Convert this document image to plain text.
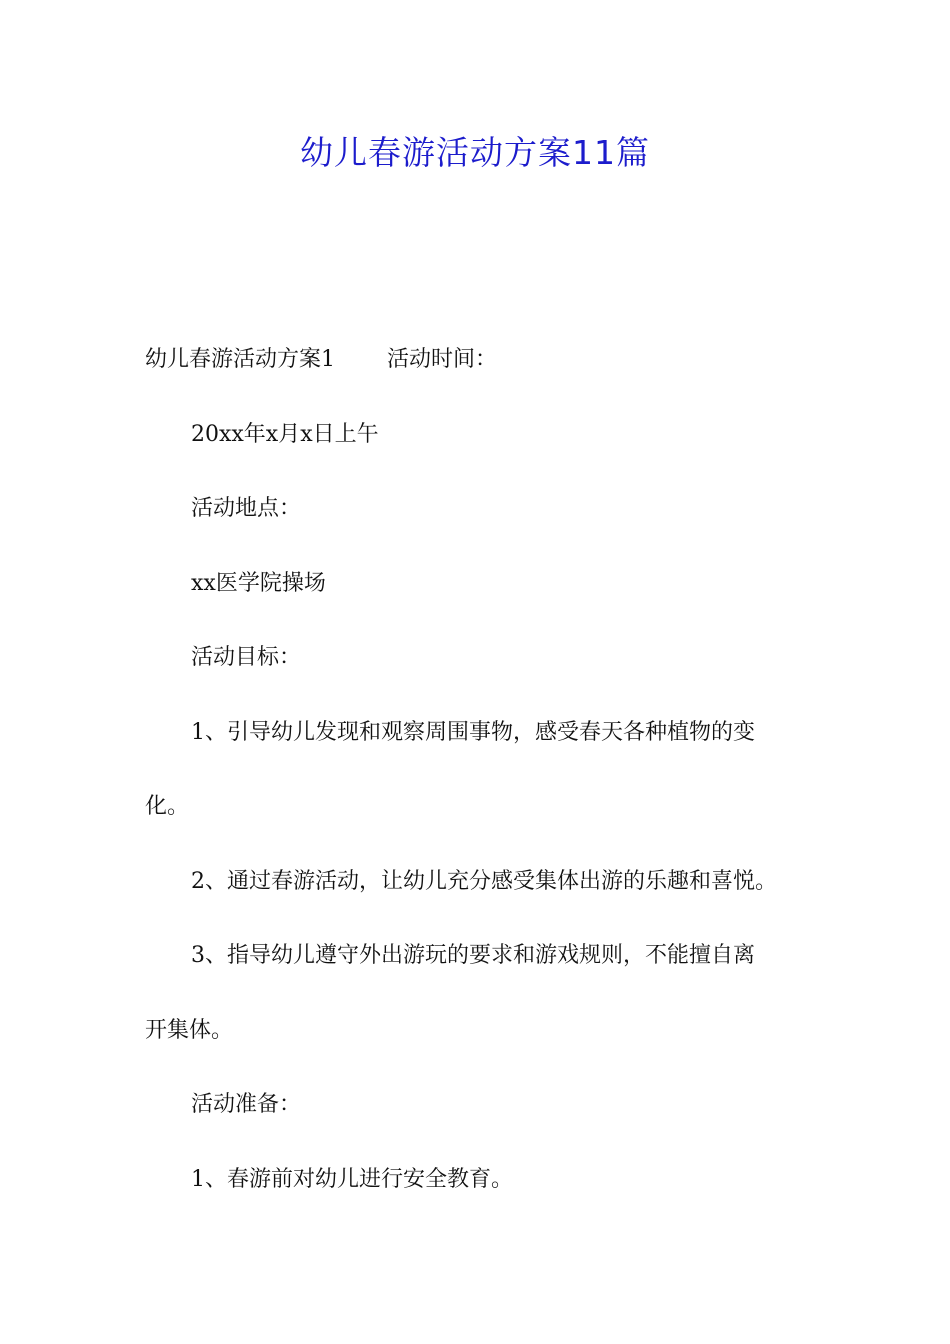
幼儿春游活动方案11篇
幼儿春游活动方案1 活动时间：
20xx年x月x日上午
活动地点：
xx医学院操场
活动目标：
1、引导幼儿发现和观察周围事物，感受春天各种植物的变
化。
2、通过春游活动，让幼儿充分感受集体出游的乐趣和喜悦。
3、指导幼儿遵守外出游玩的要求和游戏规则，不能擅自离
开集体。
活动准备：
1、春游前对幼儿进行安全教育。
